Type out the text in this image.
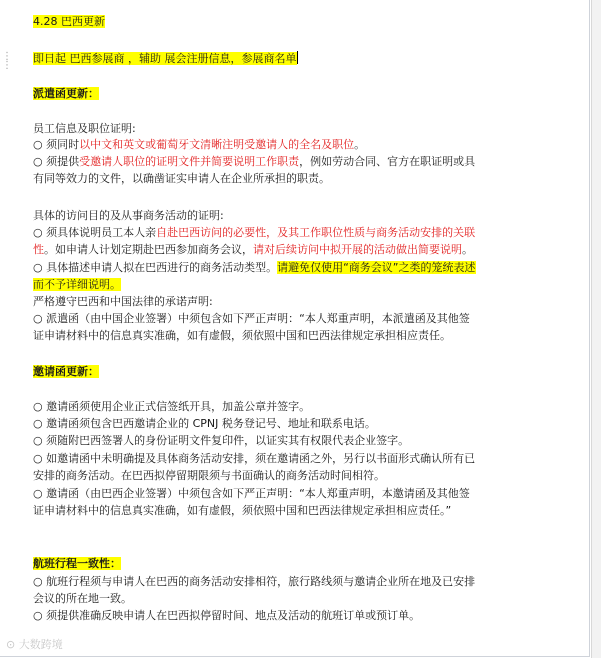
⋮
⋮
4.28 巴西更新
即日起 巴西参展商 ，辅助 展会注册信息，参展商名单
派遣函更新：
员工信息及职位证明:
○ 须同时以中文和英文或葡萄牙文清晰注明受邀请人的全名及职位。
○ 须提供受邀请人职位的证明文件并简要说明工作职责，例如劳动合同、官方在职证明或具
有同等效力的文件，以确凿证实申请人在企业所承担的职责。
具体的访问目的及从事商务活动的证明:
○ 须具体说明员工本人亲自赴巴西访问的必要性，及其工作职位性质与商务活动安排的关联
性。如申请人计划定期赴巴西参加商务会议，请对后续访问中拟开展的活动做出简要说明。
○ 具体描述申请人拟在巴西进行的商务活动类型。请避免仅使用“商务会议”之类的笼统表述
而不予详细说明。
严格遵守巴西和中国法律的承诺声明:
○ 派遣函（由中国企业签署）中须包含如下严正声明：“本人郑重声明，本派遣函及其他签
证申请材料中的信息真实准确，如有虚假，须依照中国和巴西法律规定承担相应责任。
邀请函更新：
○ 邀请函须使用企业正式信签纸开具，加盖公章并签字。
○ 邀请函须包含巴西邀请企业的 CPNJ 税务登记号、地址和联系电话。
○ 须随附巴西签署人的身份证明文件复印件，以证实其有权限代表企业签字。
○ 如邀请函中未明确提及具体商务活动安排，须在邀请函之外，另行以书面形式确认所有已
安排的商务活动。在巴西拟停留期限须与书面确认的商务活动时间相符。
○ 邀请函（由巴西企业签署）中须包含如下严正声明：“本人郑重声明，本邀请函及其他签
证申请材料中的信息真实准确，如有虚假，须依照中国和巴西法律规定承担相应责任。”
航班行程一致性：
○ 航班行程须与申请人在巴西的商务活动安排相符，旅行路线须与邀请企业所在地及已安排
会议的所在地一致。
○ 须提供准确反映申请人在巴西拟停留时间、地点及活动的航班订单或预订单。
⊙ 大数跨境
